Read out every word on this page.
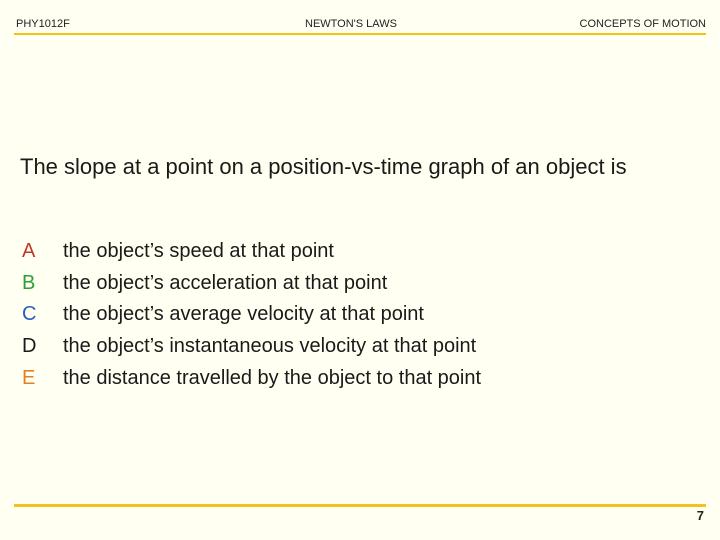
PHY1012F	NEWTON'S LAWS	CONCEPTS OF MOTION
The slope at a point on a position-vs-time graph of an object is
A	the object’s speed at that point
B	the object’s acceleration at that point
C	the object’s average velocity at that point
D	the object’s instantaneous velocity at that point
E	the distance travelled by the object to that point
7
